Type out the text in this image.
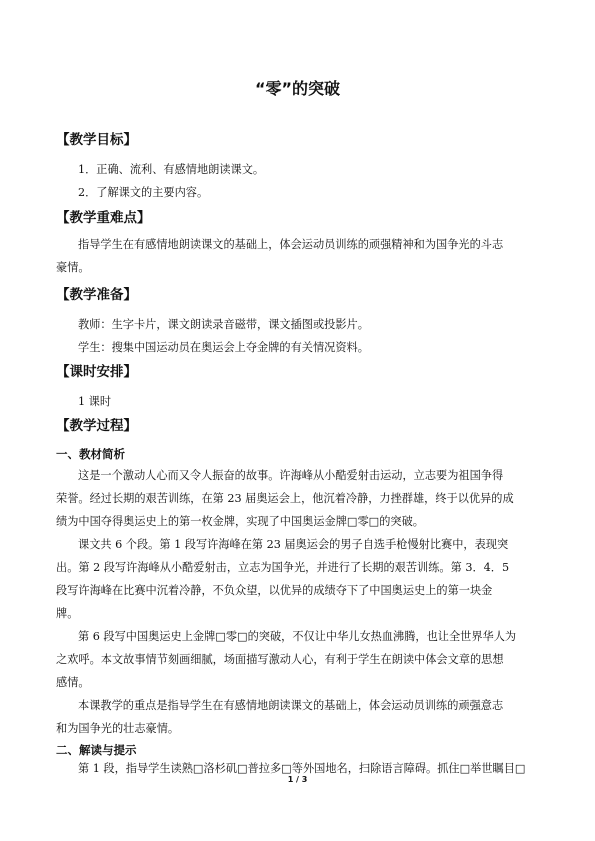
“零”的突破
【教学目标】
1．正确、流利、有感情地朗读课文。
2．了解课文的主要内容。
【教学重难点】
指导学生在有感情地朗读课文的基础上，体会运动员训练的顽强精神和为国争光的斗志
豪情。
【教学准备】
教师：生字卡片，课文朗读录音磁带，课文插图或投影片。
学生：搜集中国运动员在奥运会上夺金牌的有关情况资料。
【课时安排】
1 课时
【教学过程】
一、教材简析
这是一个激动人心而又令人振奋的故事。许海峰从小酷爱射击运动，立志要为祖国争得
荣誉。经过长期的艰苦训练，在第 23 届奥运会上，他沉着冷静，力挫群雄，终于以优异的成
绩为中国夺得奥运史上的第一枚金牌，实现了中国奥运金牌□零□的突破。
课文共 6 个段。第 1 段写许海峰在第 23 届奥运会的男子自选手枪慢射比赛中，表现突
出。第 2 段写许海峰从小酷爱射击，立志为国争光，并进行了长期的艰苦训练。第 3．4．5
段写许海峰在比赛中沉着冷静，不负众望，以优异的成绩夺下了中国奥运史上的第一块金
牌。
第 6 段写中国奥运史上金牌□零□的突破，不仅让中华儿女热血沸腾，也让全世界华人为
之欢呼。本文故事情节刻画细腻，场面描写激动人心，有利于学生在朗读中体会文章的思想
感情。
本课教学的重点是指导学生在有感情地朗读课文的基础上，体会运动员训练的顽强意志
和为国争光的壮志豪情。
二、解读与提示
第 1 段，指导学生读熟□洛杉矶□普拉多□等外国地名，扫除语言障碍。抓住□举世瞩目□
1 / 3
